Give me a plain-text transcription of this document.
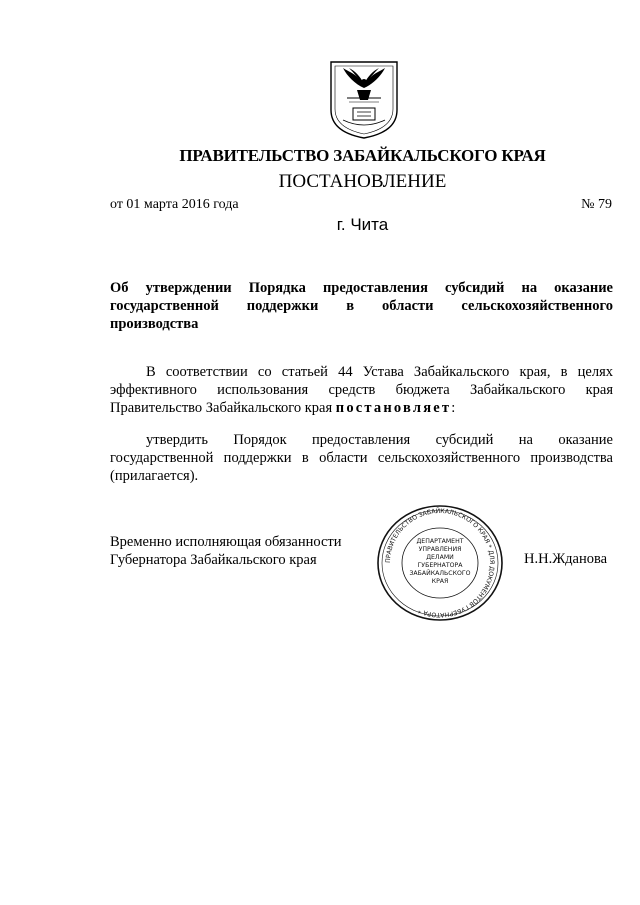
ПРАВИТЕЛЬСТВО ЗАБАЙКАЛЬСКОГО КРАЯ
ПОСТАНОВЛЕНИЕ
от 01 марта 2016 года	№ 79
г. Чита
Об утверждении Порядка предоставления субсидий на оказание
государственной поддержки в области сельскохозяйственного
производства
В соответствии со статьей 44 Устава Забайкальского края, в целях
эффективного использования средств бюджета Забайкальского края
Правительство Забайкальского края постановляет:
утвердить Порядок предоставления субсидий на оказание
государственной поддержки в области сельскохозяйственного производства
(прилагается).
Временно исполняющая обязанности
Губернатора Забайкальского края	ПРАВИТЕЛЬСТВО ЗАБАЙКАЛЬСКОГО КРАЯ * ДЛЯ ДОКУМЕНТОВ ГУБЕРНАТОРА *
ДЕПАРТАМЕНТ
УПРАВЛЕНИЯ
ДЕЛАМИ
ГУБЕРНАТОРА
ЗАБАЙКАЛЬСКОГО
КРАЯ
Н.Н.Жданова
